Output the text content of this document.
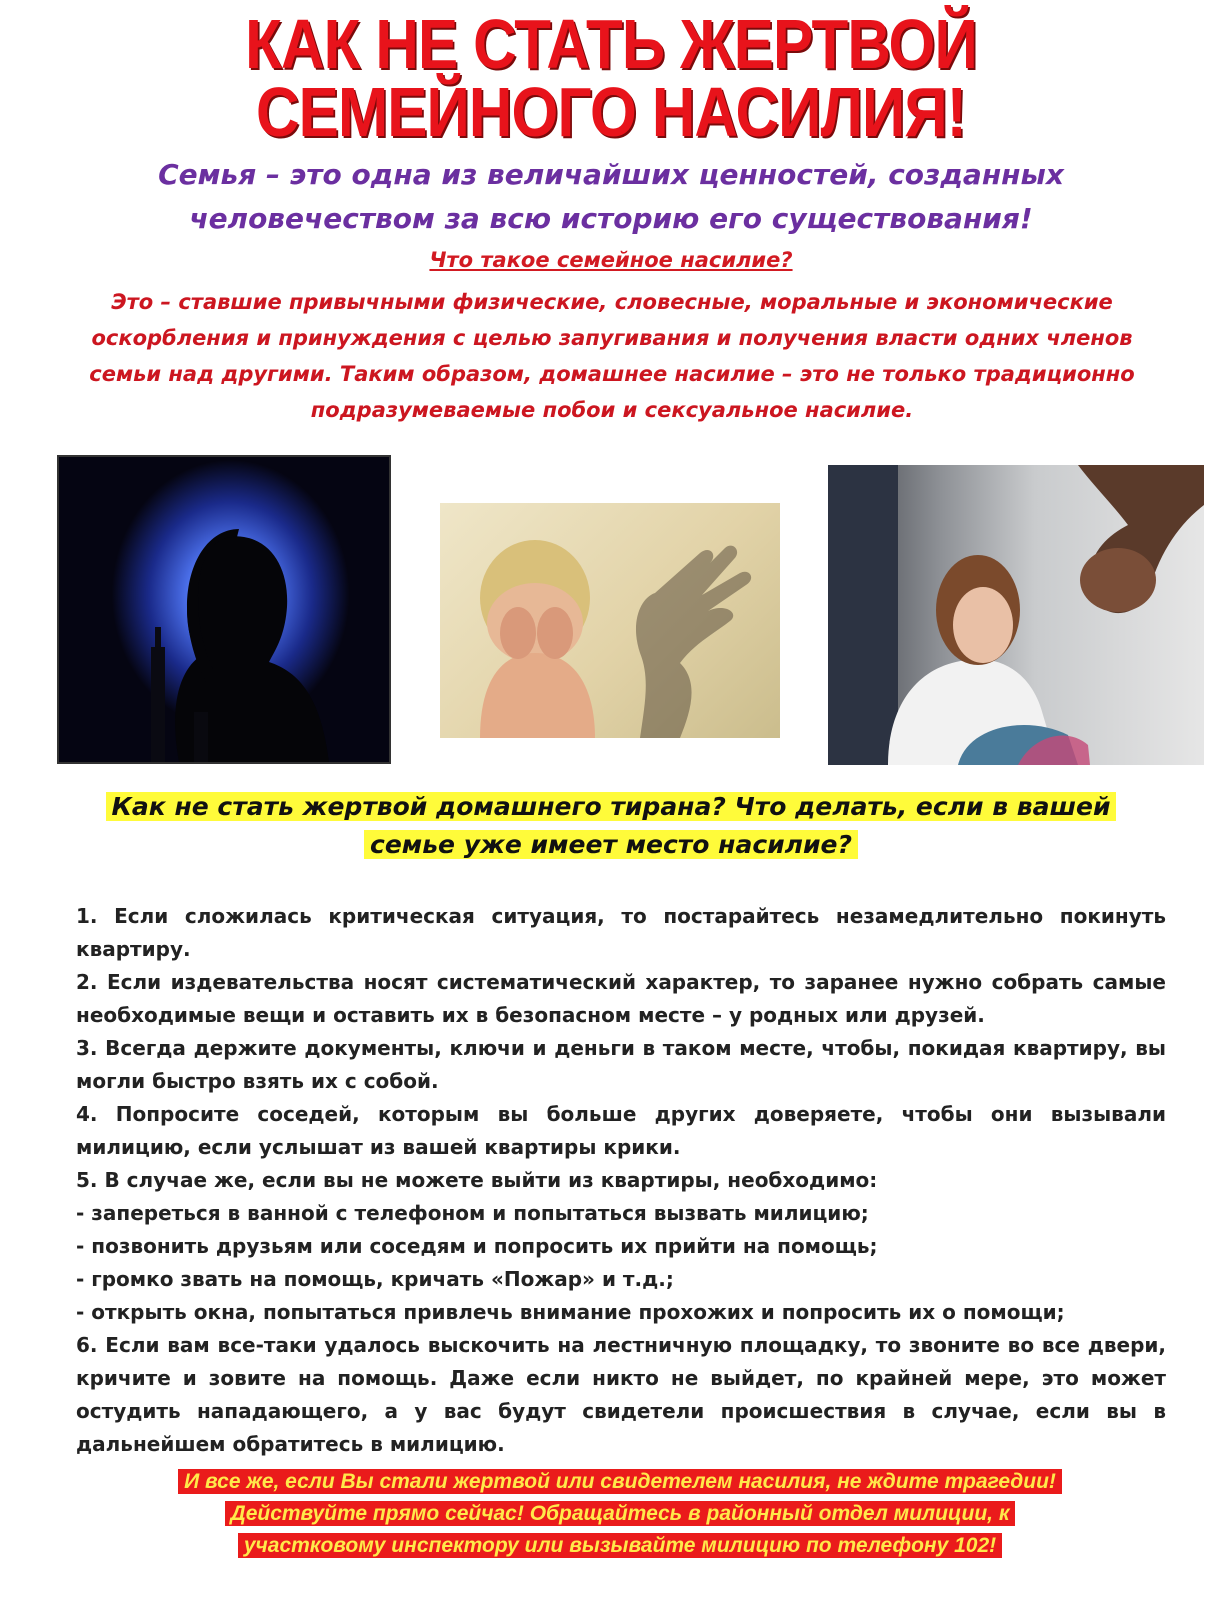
КАК НЕ СТАТЬ ЖЕРТВОЙ
СЕМЕЙНОГО НАСИЛИЯ!
Семья – это одна из величайших ценностей, созданных
человечеством за всю историю его существования!
Что такое семейное насилие?
Это – ставшие привычными физические, словесные, моральные и экономические оскорбления и принуждения с целью запугивания и получения власти одних членов семьи над другими. Таким образом, домашнее насилие – это не только традиционно подразумеваемые побои и сексуальное насилие.
Как не стать жертвой домашнего тирана? Что делать, если в вашей
семье уже имеет место насилие?

1. Если сложилась критическая ситуация, то постарайтесь незамедлительно покинуть квартиру.

2. Если издевательства носят систематический характер, то заранее нужно собрать самые необходимые вещи и оставить их в безопасном месте – у родных или друзей.

3. Всегда держите документы, ключи и деньги в таком месте, чтобы, покидая квартиру, вы могли быстро взять их с собой.

4. Попросите соседей, которым вы больше других доверяете, чтобы они вызывали милицию, если услышат из вашей квартиры крики.

5. В случае же, если вы не можете выйти из квартиры, необходимо:

- запереться в ванной с телефоном и попытаться вызвать милицию;

- позвонить друзьям или соседям и попросить их прийти на помощь;

- громко звать на помощь, кричать «Пожар» и т.д.;

- открыть окна, попытаться привлечь внимание прохожих и попросить их о помощи;

6. Если вам все-таки удалось выскочить на лестничную площадку, то звоните во все двери, кричите и зовите на помощь. Даже если никто не выйдет, по крайней мере, это может остудить нападающего, а у вас будут свидетели происшествия в случае, если вы в дальнейшем обратитесь в милицию.

И все же, если Вы стали жертвой или свидетелем насилия, не ждите трагедии!
Действуйте прямо сейчас! Обращайтесь в районный отдел милиции, к
участковому инспектору или вызывайте милицию по телефону 102!
